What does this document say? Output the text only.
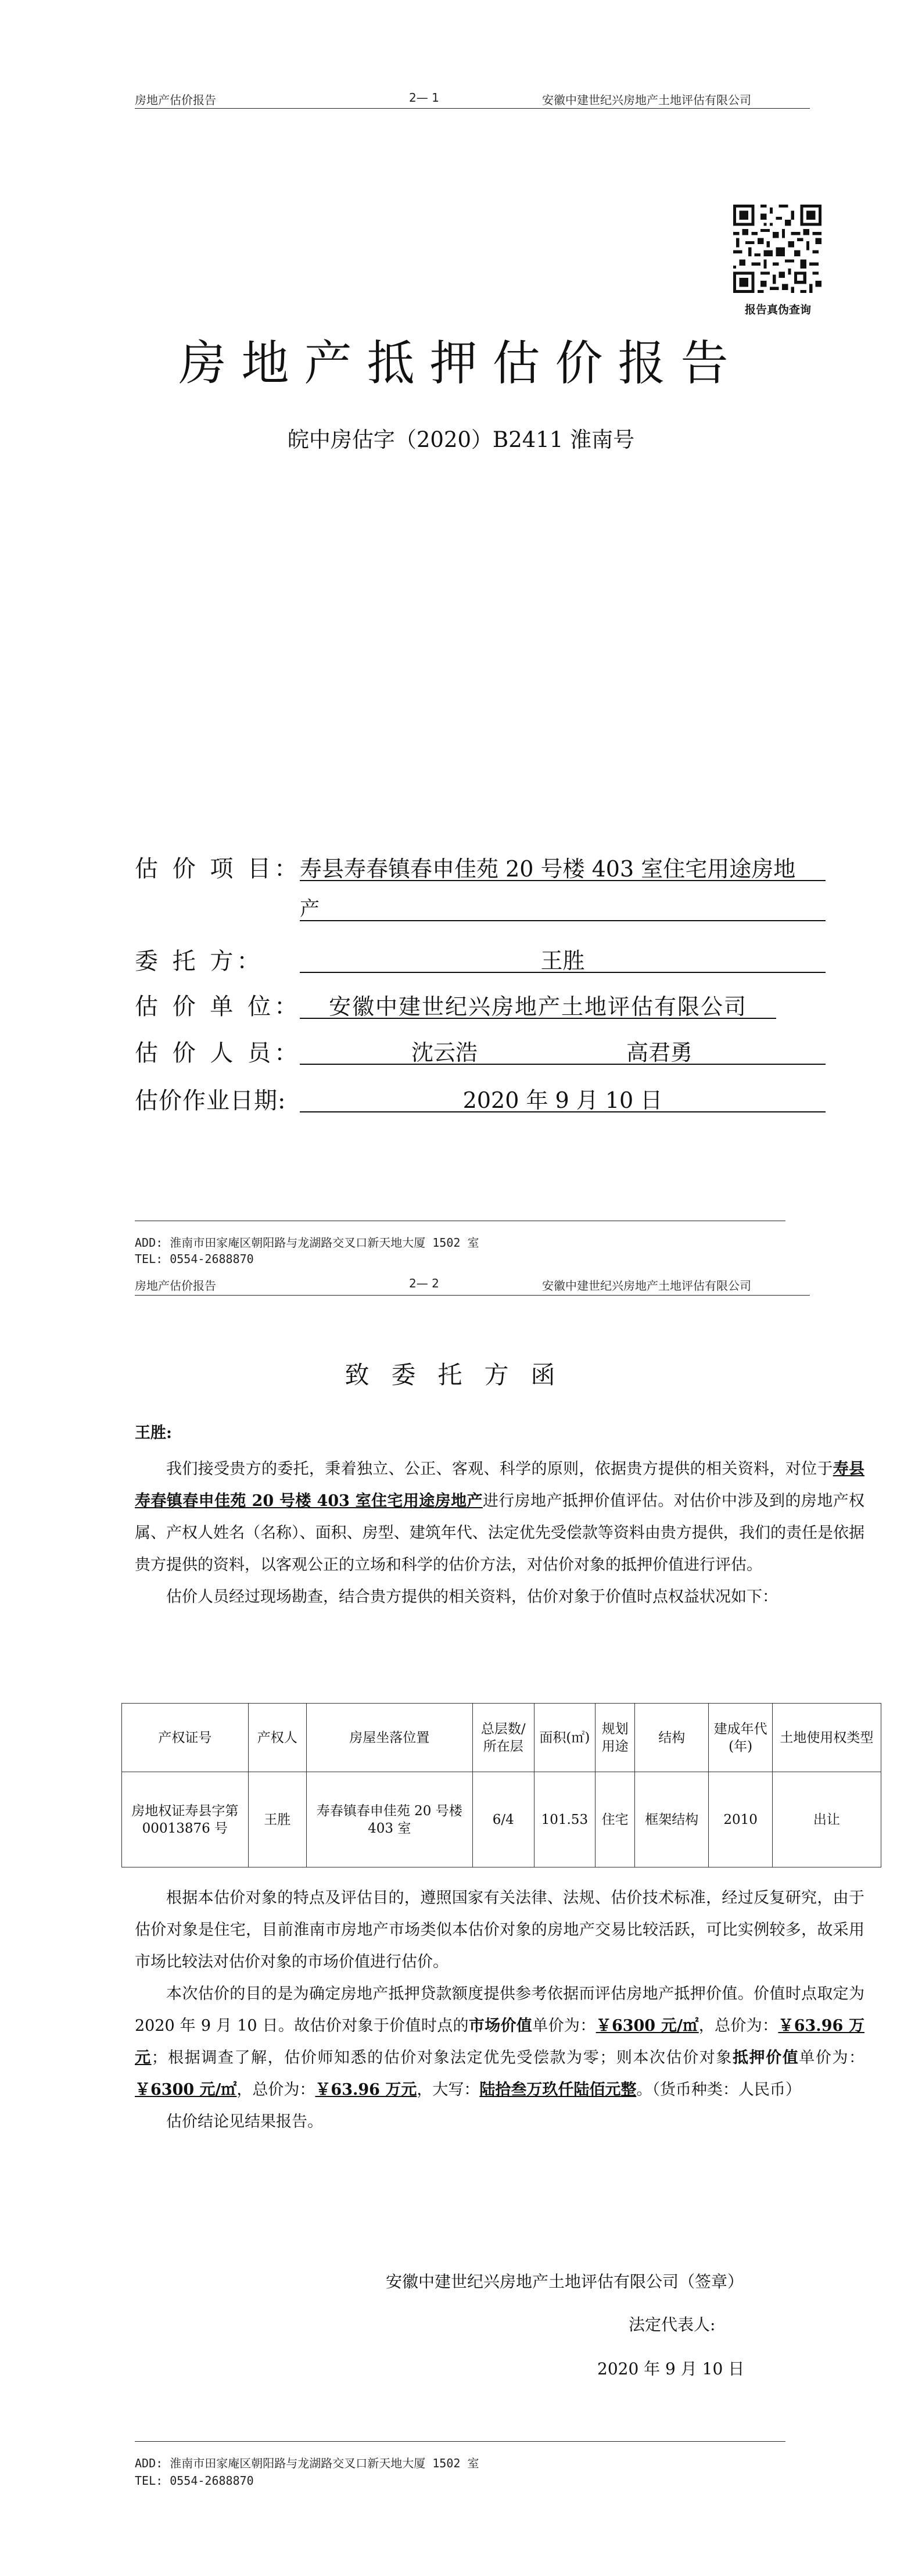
房地产估价报告	2— 1	安徽中建世纪兴房地产土地评估有限公司
报告真伪查询
房地产抵押估价报告
皖中房估字（2020）B2411 淮南号
估 价 项 目：
寿县寿春镇春申佳苑 20 号楼 403 室住宅用途房地
产
委 托 方：	王胜
估 价 单 位：	安徽中建世纪兴房地产土地评估有限公司
估 价 人 员：	沈云浩	高君勇
估价作业日期:	2020 年 9 月 10 日
ADD: 淮南市田家庵区朝阳路与龙湖路交叉口新天地大厦 1502 室
TEL: 0554-2688870
房地产估价报告	2— 2	安徽中建世纪兴房地产土地评估有限公司
致委托方函
王胜:

我们接受贵方的委托，秉着独立、公正、客观、科学的原则，依据贵方提供的相关资料，对位于寿县寿春镇春申佳苑 20 号楼 403 室住宅用途房地产进行房地产抵押价值评估。对估价中涉及到的房地产权属、产权人姓名（名称）、面积、房型、建筑年代、法定优先受偿款等资料由贵方提供，我们的责任是依据贵方提供的资料，以客观公正的立场和科学的估价方法，对估价对象的抵押价值进行评估。

估价人员经过现场勘查，结合贵方提供的相关资料，估价对象于价值时点权益状况如下：

产权证号	产权人	房屋坐落位置	总层数/所在层	面积(㎡)	规划用途	结构	建成年代(年)	土地使用权类型
房地权证寿县字第 00013876 号	王胜	寿春镇春申佳苑 20 号楼 403 室	6/4	101.53	住宅	框架结构	2010	出让

根据本估价对象的特点及评估目的，遵照国家有关法律、法规、估价技术标准，经过反复研究，由于估价对象是住宅，目前淮南市房地产市场类似本估价对象的房地产交易比较活跃，可比实例较多，故采用市场比较法对估价对象的市场价值进行估价。

本次估价的目的是为确定房地产抵押贷款额度提供参考依据而评估房地产抵押价值。价值时点取定为 2020 年 9 月 10 日。故估价对象于价值时点的市场价值单价为：￥6300 元/㎡，总价为：￥63.96 万元；根据调查了解，估价师知悉的估价对象法定优先受偿款为零；则本次估价对象抵押价值单价为：￥6300 元/㎡，总价为：￥63.96 万元，大写：陆拾叁万玖仟陆佰元整。（货币种类：人民币）

估价结论见结果报告。

安徽中建世纪兴房地产土地评估有限公司（签章）
法定代表人:
2020 年 9 月 10 日
ADD: 淮南市田家庵区朝阳路与龙湖路交叉口新天地大厦 1502 室
TEL: 0554-2688870
